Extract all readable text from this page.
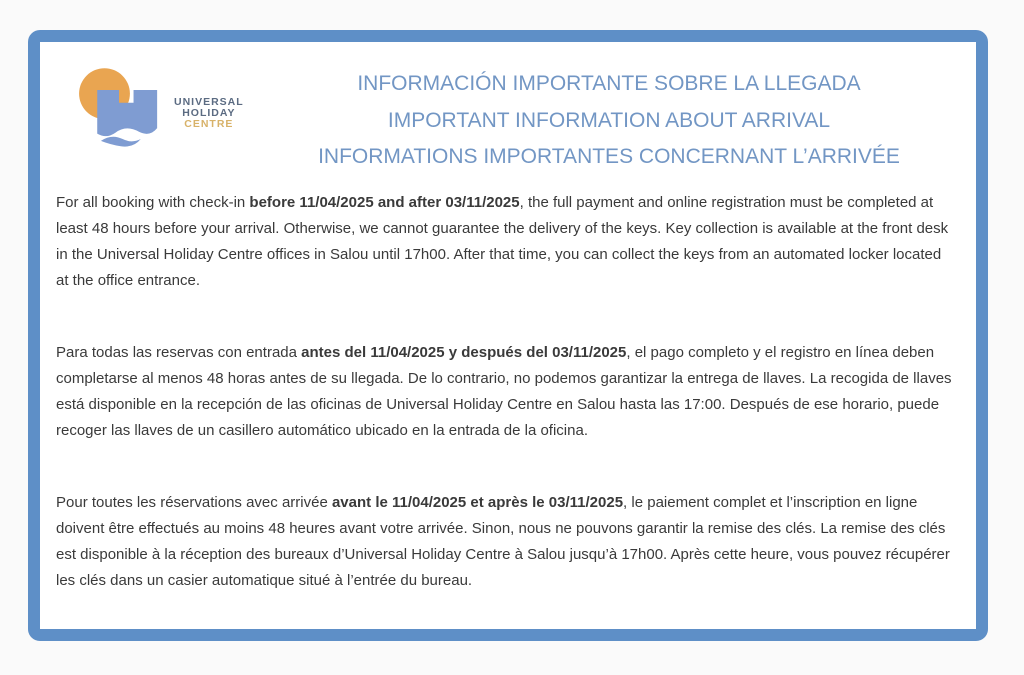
UNIVERSAL
HOLIDAY
CENTRE
INFORMACIÓN IMPORTANTE SOBRE LA LLEGADA
IMPORTANT INFORMATION ABOUT ARRIVAL
INFORMATIONS IMPORTANTES CONCERNANT L’ARRIVÉE

For all booking with check-in before 11/04/2025 and after 03/11/2025, the full payment and online registration must be completed at least 48 hours before your arrival. Otherwise, we cannot guarantee the delivery of the keys. Key collection is available at the front desk in the Universal Holiday Centre offices in Salou until 17h00. After that time, you can collect the keys from an automated locker located at the office entrance.

Para todas las reservas con entrada antes del 11/04/2025 y después del 03/11/2025, el pago completo y el registro en línea deben completarse al menos 48 horas antes de su llegada. De lo contrario, no podemos garantizar la entrega de llaves. La recogida de llaves está disponible en la recepción de las oficinas de Universal Holiday Centre en Salou hasta las 17:00. Después de ese horario, puede recoger las llaves de un casillero automático ubicado en la entrada de la oficina.

Pour toutes les réservations avec arrivée avant le 11/04/2025 et après le 03/11/2025, le paiement complet et l’inscription en ligne doivent être effectués au moins 48 heures avant votre arrivée. Sinon, nous ne pouvons garantir la remise des clés. La remise des clés est disponible à la réception des bureaux d’Universal Holiday Centre à Salou jusqu’à 17h00. Après cette heure, vous pouvez récupérer les clés dans un casier automatique situé à l’entrée du bureau.
